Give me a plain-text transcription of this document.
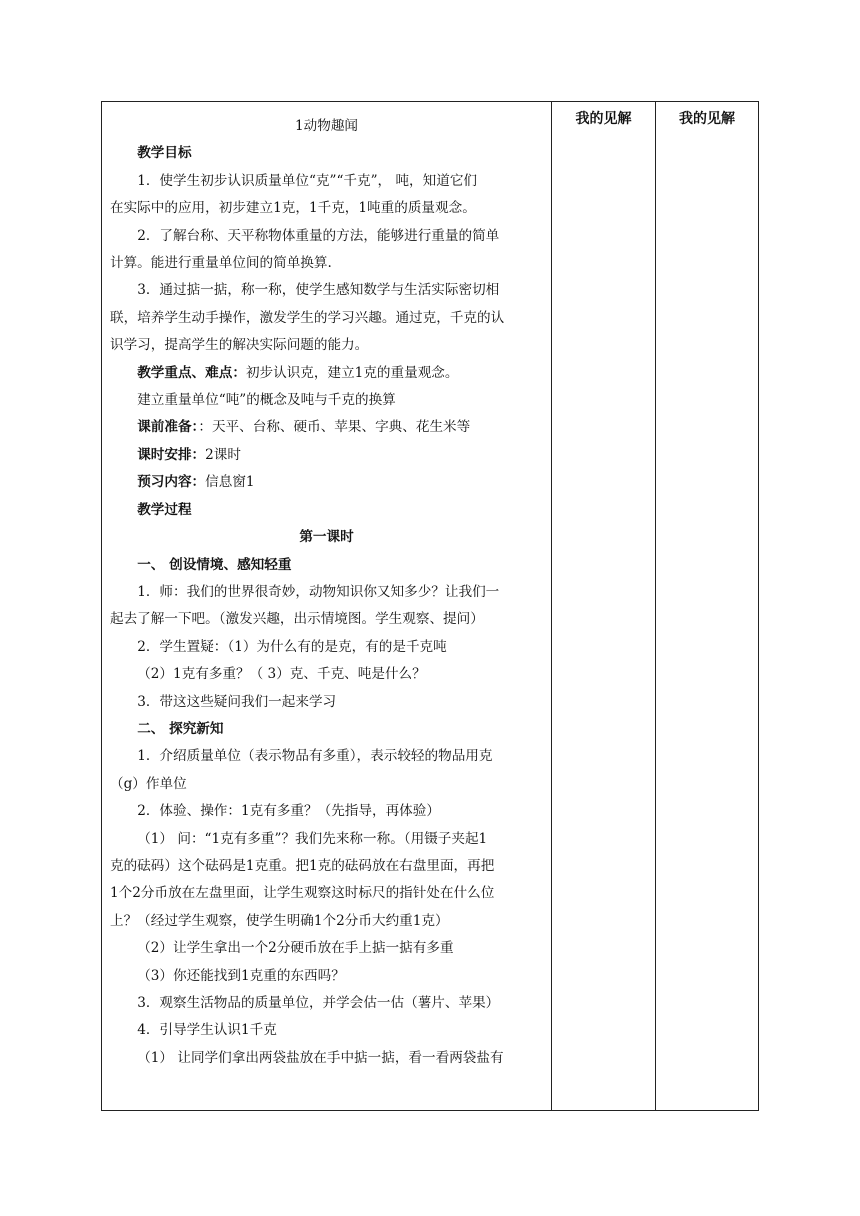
1动物趣闻

教学目标

1．使学生初步认识质量单位“克”“千克”， 吨，知道它们

在实际中的应用，初步建立1克，1千克，1吨重的质量观念。

2．了解台称、天平称物体重量的方法，能够进行重量的简单

计算。能进行重量单位间的简单换算.

3．通过掂一掂，称一称，使学生感知数学与生活实际密切相

联，培养学生动手操作，激发学生的学习兴趣。通过克，千克的认

识学习，提高学生的解决实际问题的能力。

教学重点、难点：初步认识克，建立1克的重量观念。

建立重量单位“吨”的概念及吨与千克的换算

课前准备：：天平、台称、硬币、苹果、字典、花生米等

课时安排：2课时

预习内容：信息窗1

教学过程

第一课时

一、 创设情境、感知轻重

1．师：我们的世界很奇妙，动物知识你又知多少？让我们一

起去了解一下吧。（激发兴趣，出示情境图。学生观察、提问）

2．学生置疑：（1）为什么有的是克，有的是千克吨

（2）1克有多重？（ 3）克、千克、吨是什么？

3．带这这些疑问我们一起来学习

二、 探究新知

1．介绍质量单位（表示物品有多重），表示较轻的物品用克

（g）作单位

2．体验、操作：1克有多重？（先指导，再体验）

（1） 问：“1克有多重”？我们先来称一称。（用镊子夹起1

克的砝码）这个砝码是1克重。把1克的砝码放在右盘里面，再把

1个2分币放在左盘里面，让学生观察这时标尺的指针处在什么位

上？（经过学生观察，使学生明确1个2分币大约重1克）

（2）让学生拿出一个2分硬币放在手上掂一掂有多重

（3）你还能找到1克重的东西吗？

3．观察生活物品的质量单位，并学会估一估（薯片、苹果）

4．引导学生认识1千克

（1） 让同学们拿出两袋盐放在手中掂一掂，看一看两袋盐有

我的见解	我的见解
